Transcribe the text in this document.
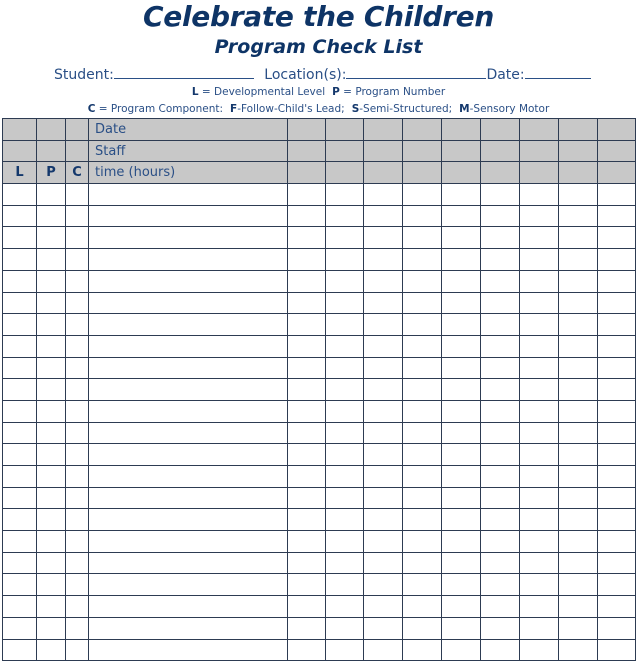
Celebrate the Children
Program Check List
Student:	Location(s):	Date:
L = Developmental Level P = Program Number
C = Program Component: F-Follow-Child's Lead; S-Semi-Structured; M-Sensory Motor
			Date									
			Staff									
L	P	C	time (hours)									
